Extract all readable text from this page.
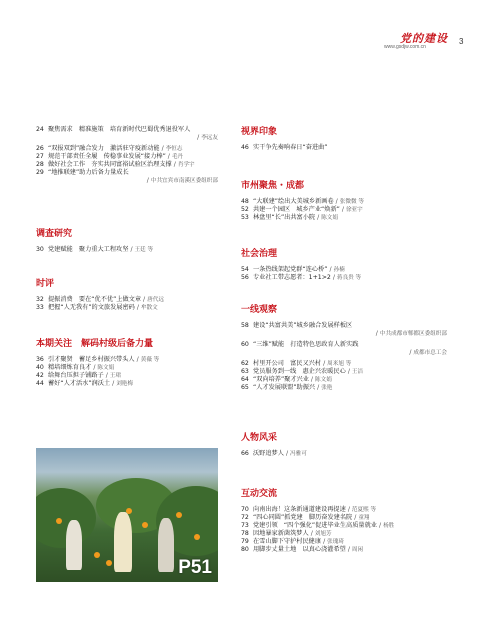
党的建设
www.gsdjw.com.cn
3
24 聚焦需求　精准施策　培育新时代巴蜀优秀退役军人
/ 李远友
26 “双报双到”融合发力　激活驻守疫新动能 / 李恒志
27 规范干部责任全履　传稳事业发展“接力棒” / 毛丹
28 做好社会工作　夯实共同富裕试验区治理支撑 / 肖学宇
29 “地推联建”助力后备力量成长
/ 中共宜宾市南溪区委组织部
调查研究
30 党建赋能　聚力重大工程攻坚 / 王廷 等
时评
32 提振消费　要在“优不优”上做文章 / 唐代远
33 把握“人无我有”的文旅发展密码 / 牟散文
本期关注　解码村级后备力量
36 引才聚贤　蓄足乡村振兴带头人 / 黄薇 等
40 精培细炼育良才 / 陈文娟
42 给舞台压担子铺路子 / 王珺
44 蓄好“人才活水”润沃土 / 刘艳梅
P51
视界印象
46 实干争先奏响春日“奋进曲”
市州聚焦・成都
48 “大联建”绘出大美城乡新画卷 / 张微微 等
52 共建一个园区　城乡产业“焕新” / 徐亚宇
53 林盘里“长”出共富小院 / 陈文娟
社会治理
54 一条热线架起党群“连心桥” / 孙楠
56 专业社工带志愿者：1+1>2 / 蒋良贵 等
一线观察
58 建设“共富共美”城乡融合发展样板区
/ 中共成都市郫都区委组织部
60 “三维”赋能　打造特色思政育人新实践
/ 成都市总工会
62 村里开公司　富民又兴村 / 周米旭 等
63 党员服务到一线　惠企兴农暖民心 / 王洁
64 “双向培养”聚才兴业 / 陈文娟
65 “人才发展联盟”助振兴 / 张艳
人物风采
66 沃野追梦人 / 冯雅可
互动交流
70 向南出海！这条新通道建设再提速 / 范夏熙 等
72 “四心同圆”抓党建　脚历奋发建名院 / 童翔
73 党建引领　“四个强化”促进毕业生高质量就业 / 杨胜
78 因地暴家新菌筑梦人 / 刘旭芳
79 在雪山脚下守护村民健康 / 张瑰琦
80 用脚步丈量土地　以真心浇灌希望 / 周闲
